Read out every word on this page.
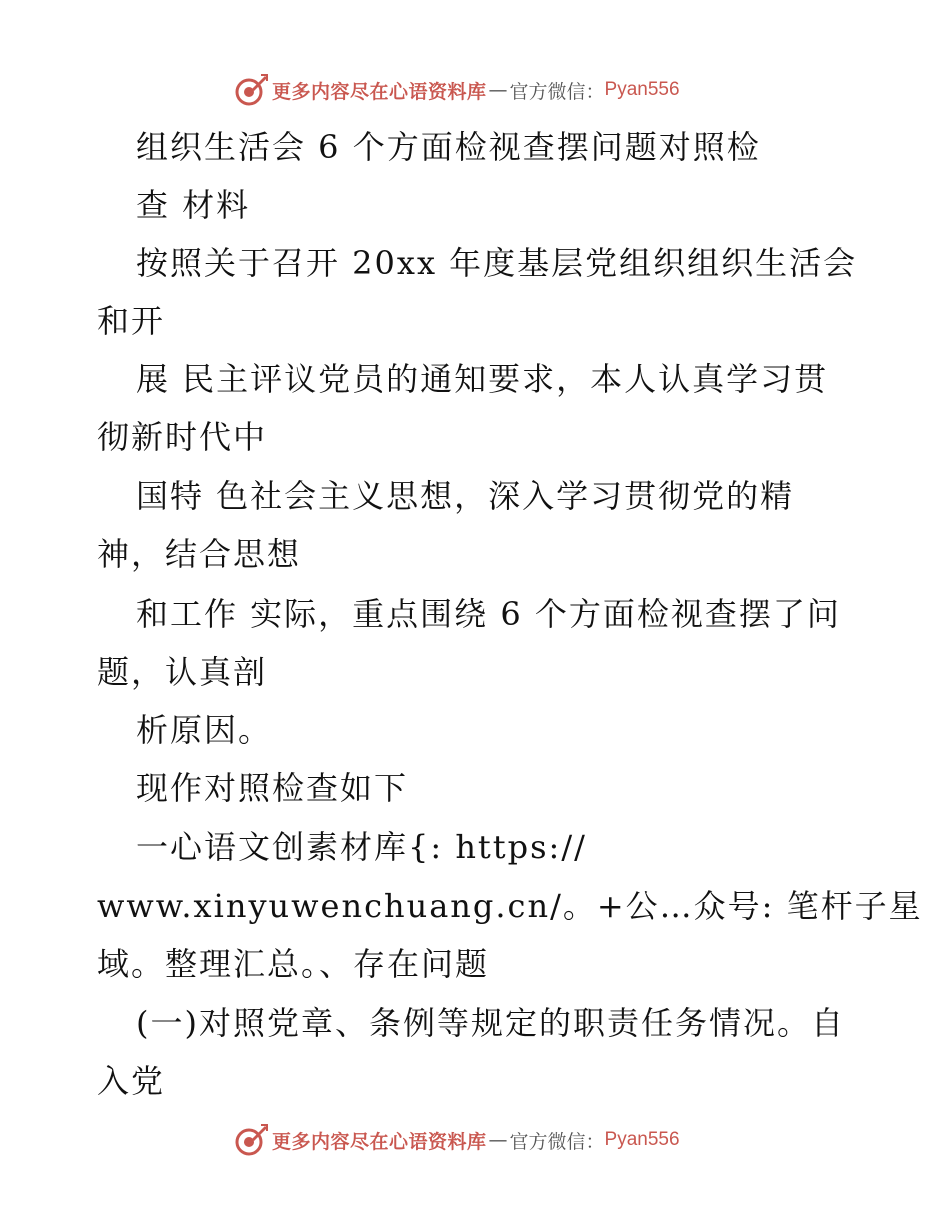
更多内容尽在心语资料库 — 官方微信： Pyan556
组织生活会 6 个方面检视查摆问题对照检
查 材料
按照关于召开 20xx 年度基层党组织组织生活会
和开
展 民主评议党员的通知要求，本人认真学习贯
彻新时代中
国特 色社会主义思想，深入学习贯彻党的精
神，结合思想
和工作 实际，重点围绕 6 个方面检视查摆了问
题，认真剖
析原因。
现作对照检查如下
一心语文创素材库{: https://
www.xinyuwenchuang.cn/。+公…众号: 笔杆子星
域。整理汇总。、存在问题
(一)对照党章、条例等规定的职责任务情况。自
入党
更多内容尽在心语资料库 — 官方微信： Pyan556
